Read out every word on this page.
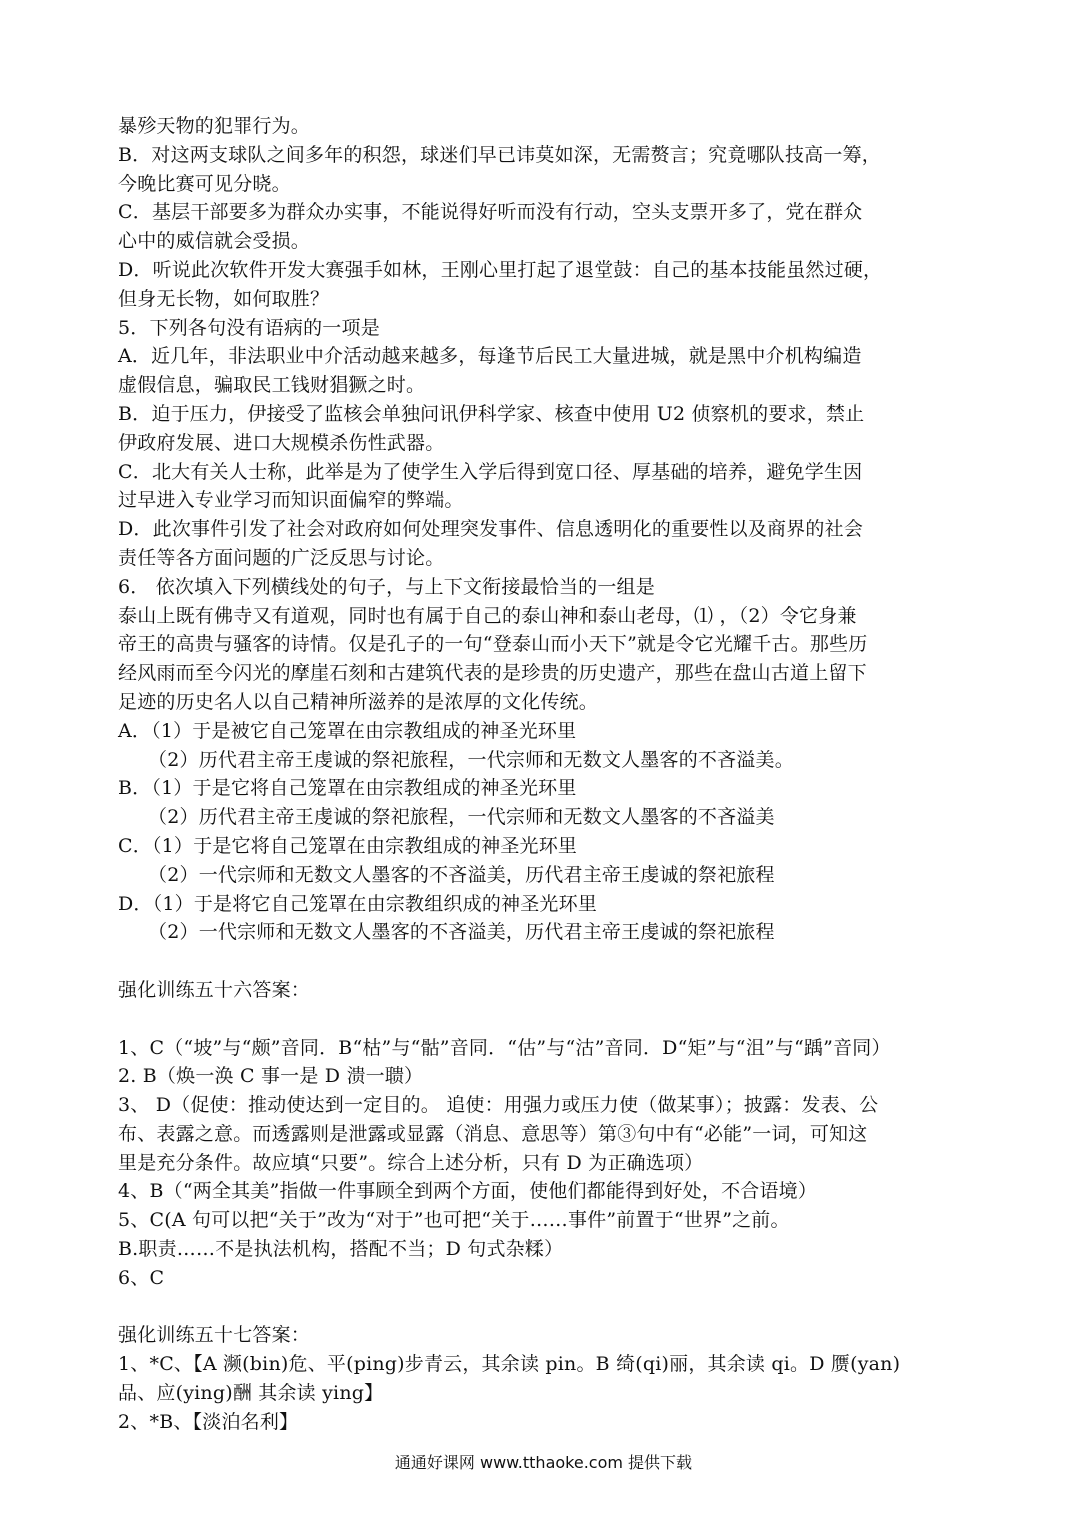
暴殄天物的犯罪行为。
B．对这两支球队之间多年的积怨，球迷们早已讳莫如深，无需赘言；究竟哪队技高一筹，
今晚比赛可见分晓。
C．基层干部要多为群众办实事，不能说得好听而没有行动，空头支票开多了，党在群众
心中的威信就会受损。
D．听说此次软件开发大赛强手如林，王刚心里打起了退堂鼓：自己的基本技能虽然过硬，
但身无长物，如何取胜？
5．下列各句没有语病的一项是
A．近几年，非法职业中介活动越来越多，每逢节后民工大量进城，就是黑中介机构编造
虚假信息，骗取民工钱财猖獗之时。
B．迫于压力，伊接受了监核会单独问讯伊科学家、核查中使用 U2 侦察机的要求，禁止
伊政府发展、进口大规模杀伤性武器。
C．北大有关人士称，此举是为了使学生入学后得到宽口径、厚基础的培养，避免学生因
过早进入专业学习而知识面偏窄的弊端。
D．此次事件引发了社会对政府如何处理突发事件、信息透明化的重要性以及商界的社会
责任等各方面问题的广泛反思与讨论。
6． 依次填入下列横线处的句子，与上下文衔接最恰当的一组是
泰山上既有佛寺又有道观，同时也有属于自己的泰山神和泰山老母，⑴ ，（2）令它身兼
帝王的高贵与骚客的诗情。仅是孔子的一句“登泰山而小天下”就是令它光耀千古。那些历
经风雨而至今闪光的摩崖石刻和古建筑代表的是珍贵的历史遗产，那些在盘山古道上留下
足迹的历史名人以自己精神所滋养的是浓厚的文化传统。
A．（1）于是被它自己笼罩在由宗教组成的神圣光环里
（2）历代君主帝王虔诚的祭祀旅程，一代宗师和无数文人墨客的不吝溢美。
B．（1）于是它将自己笼罩在由宗教组成的神圣光环里
（2）历代君主帝王虔诚的祭祀旅程，一代宗师和无数文人墨客的不吝溢美
C．（1）于是它将自己笼罩在由宗教组成的神圣光环里
（2）一代宗师和无数文人墨客的不吝溢美，历代君主帝王虔诚的祭祀旅程
D．（1）于是将它自己笼罩在由宗教组织成的神圣光环里
（2）一代宗师和无数文人墨客的不吝溢美，历代君主帝王虔诚的祭祀旅程
强化训练五十六答案：
1、C（“坡”与“颇”音同．B“枯”与“骷”音同．“估”与“沽”音同．D“矩”与“沮”与“踽”音同）
2. B（焕一涣 C 事一是 D 溃一聩）
3、 D（促使：推动使达到一定目的。 追使：用强力或压力使（做某事）；披露：发表、公
布、表露之意。而透露则是泄露或显露（消息、意思等）第③句中有“必能”一词，可知这
里是充分条件。故应填“只要”。综合上述分析，只有 D 为正确选项）
4、B（“两全其美”指做一件事顾全到两个方面，使他们都能得到好处，不合语境）
5、C(A 句可以把“关于”改为“对于”也可把“关于……事件”前置于“世界”之前。
B.职责……不是执法机构，搭配不当；D 句式杂糅）
6、C
强化训练五十七答案：
1、*C、【A 濒(bin)危、平(ping)步青云，其余读 pin。B 绮(qi)丽，其余读 qi。D 赝(yan)
品、应(ying)酬 其余读 ying】
2、*B、【淡泊名利】
通通好课网 www.tthaoke.com 提供下载
